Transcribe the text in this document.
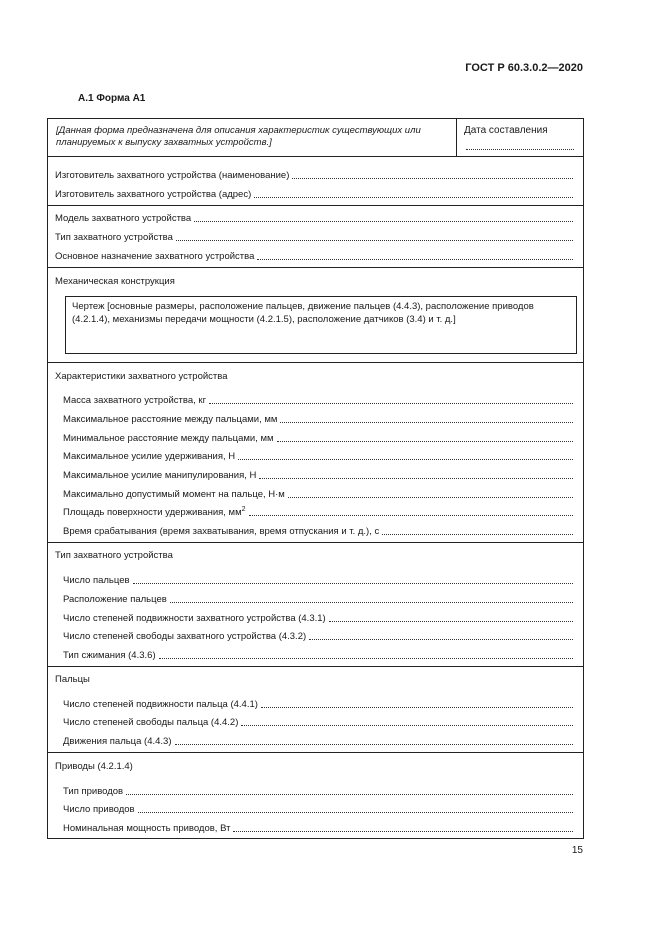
ГОСТ Р 60.3.0.2—2020
А.1 Форма А1
[Данная форма предназначена для описания характеристик существующих или планируемых к выпуску захватных устройств.]
Дата составления
Изготовитель захватного устройства (наименование)
Изготовитель захватного устройства (адрес)
Модель захватного устройства
Тип захватного устройства
Основное назначение захватного устройства
Механическая конструкция
Чертеж [основные размеры, расположение пальцев, движение пальцев (4.4.3), расположение приводов (4.2.1.4), механизмы передачи мощности (4.2.1.5), расположение датчиков (3.4) и т. д.]
Характеристики захватного устройства
Масса захватного устройства, кг
Максимальное расстояние между пальцами, мм
Минимальное расстояние между пальцами, мм
Максимальное усилие удерживания, Н
Максимальное усилие манипулирования, Н
Максимально допустимый момент на пальце, Н·м
Площадь поверхности удерживания, $мм^2$
Время срабатывания (время захватывания, время отпускания и т. д.), с
Тип захватного устройства
Число пальцев
Расположение пальцев
Число степеней подвижности захватного устройства (4.3.1)
Число степеней свободы захватного устройства (4.3.2)
Тип сжимания (4.3.6)
Пальцы
Число степеней подвижности пальца (4.4.1)
Число степеней свободы пальца (4.4.2)
Движения пальца (4.4.3)
Приводы (4.2.1.4)
Тип приводов
Число приводов
Номинальная мощность приводов, Вт
15
